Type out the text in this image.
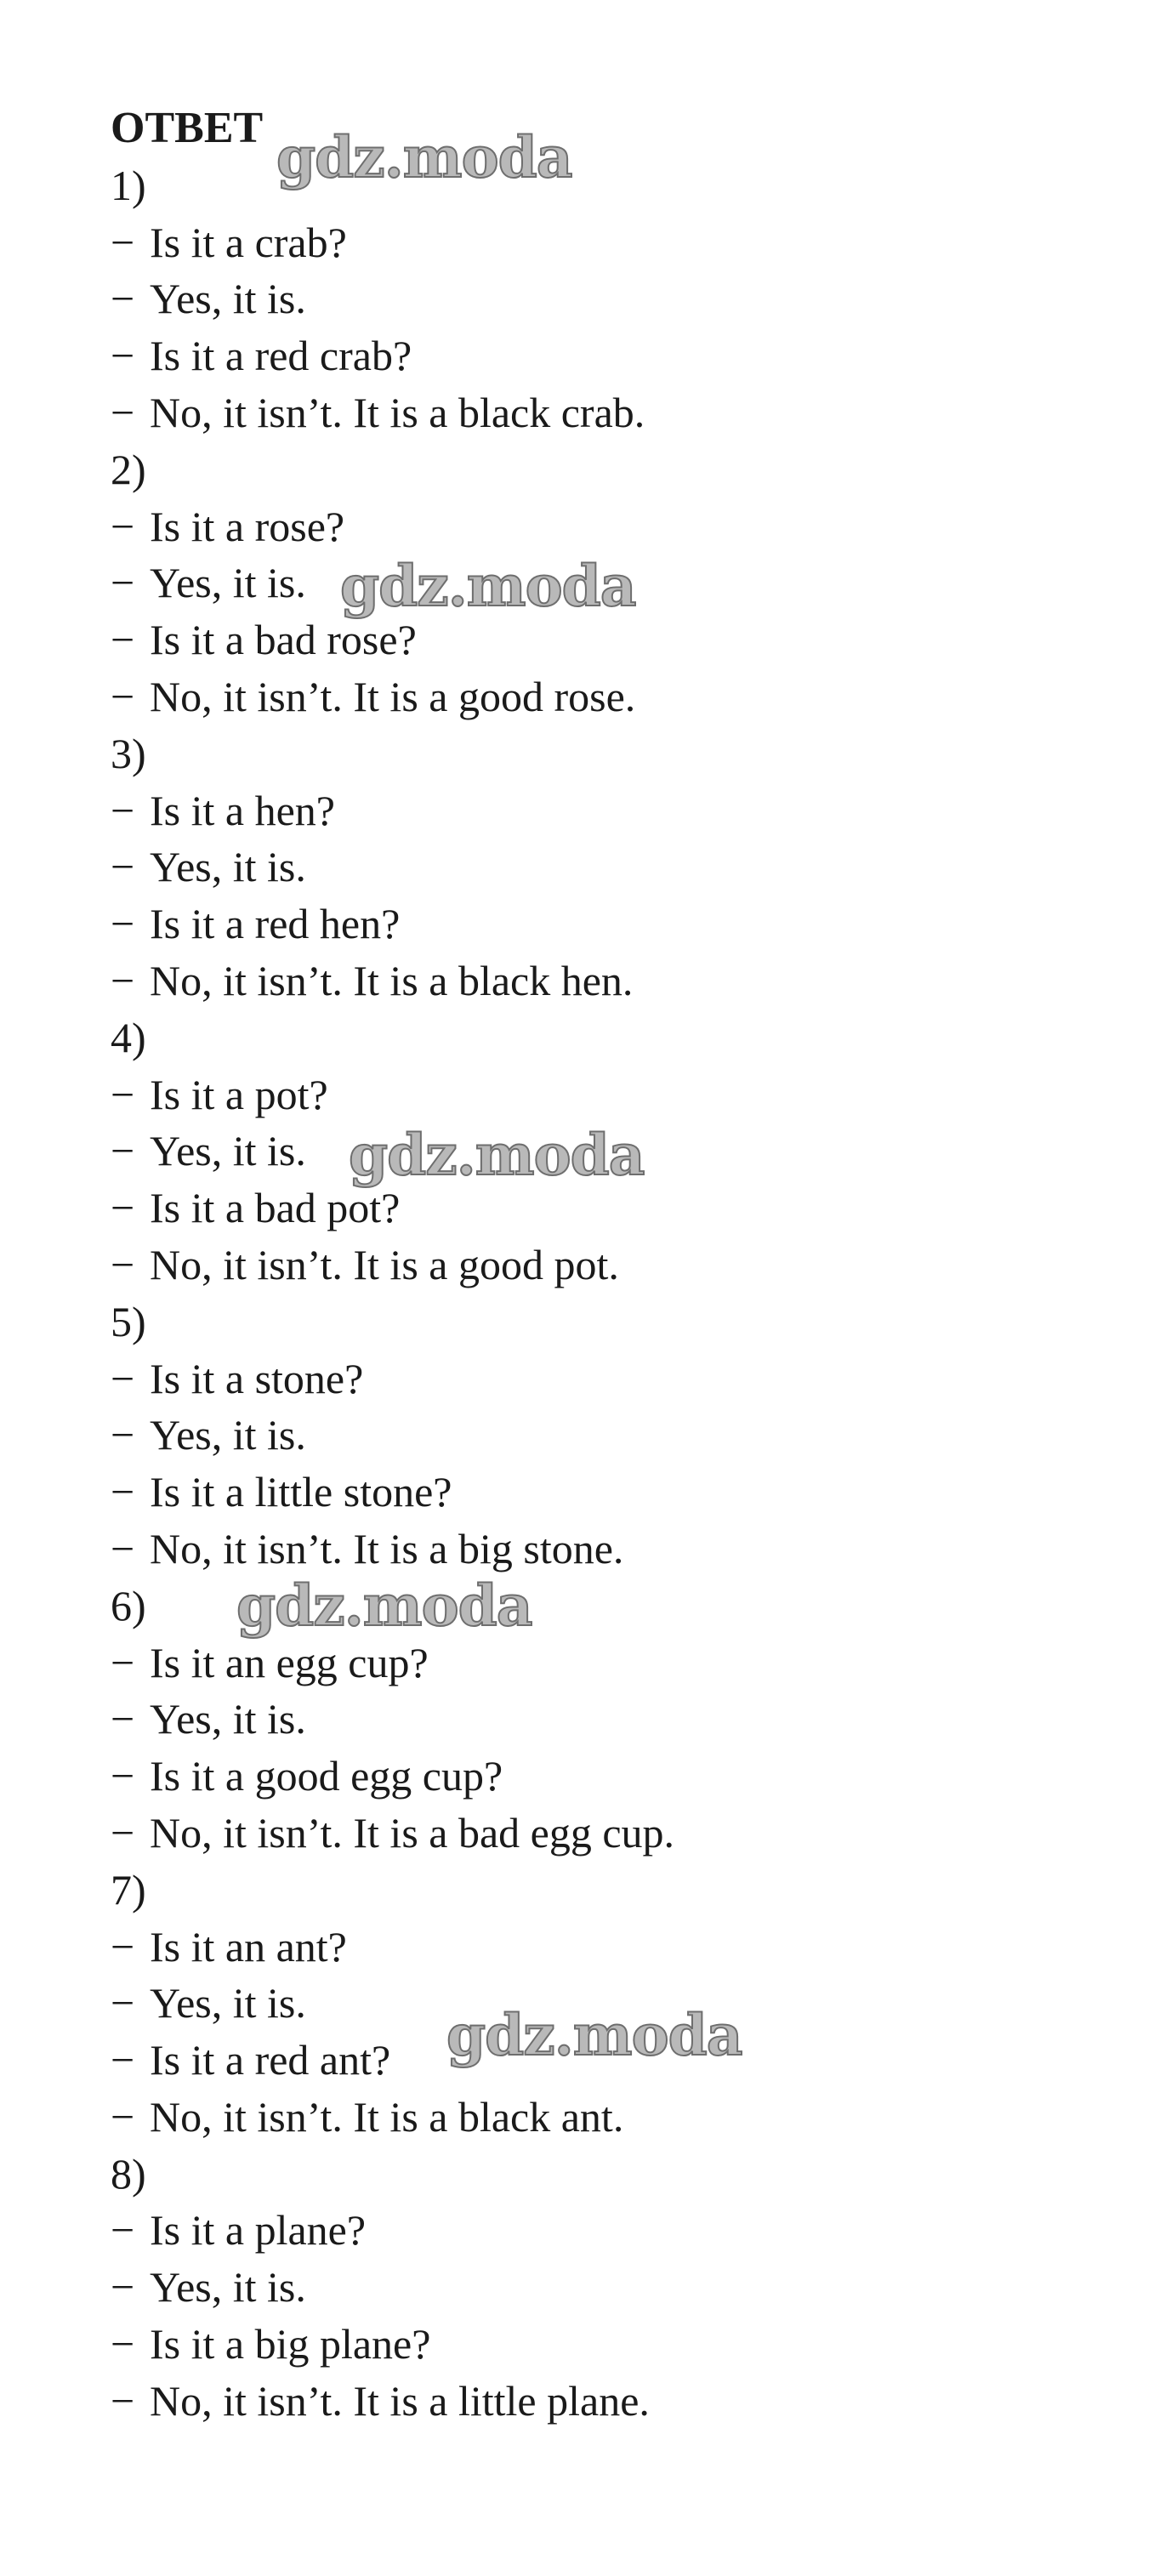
ОТВЕТ
1)
− Is it a crab?
− Yes, it is.
− Is it a red crab?
− No, it isn’t. It is a black crab.
2)
− Is it a rose?
− Yes, it is.
− Is it a bad rose?
− No, it isn’t. It is a good rose.
3)
− Is it a hen?
− Yes, it is.
− Is it a red hen?
− No, it isn’t. It is a black hen.
4)
− Is it a pot?
− Yes, it is.
− Is it a bad pot?
− No, it isn’t. It is a good pot.
5)
− Is it a stone?
− Yes, it is.
− Is it a little stone?
− No, it isn’t. It is a big stone.
6)
− Is it an egg cup?
− Yes, it is.
− Is it a good egg cup?
− No, it isn’t. It is a bad egg cup.
7)
− Is it an ant?
− Yes, it is.
− Is it a red ant?
− No, it isn’t. It is a black ant.
8)
− Is it a plane?
− Yes, it is.
− Is it a big plane?
− No, it isn’t. It is a little plane.
gdz.moda
gdz.moda
gdz.moda
gdz.moda
gdz.moda
